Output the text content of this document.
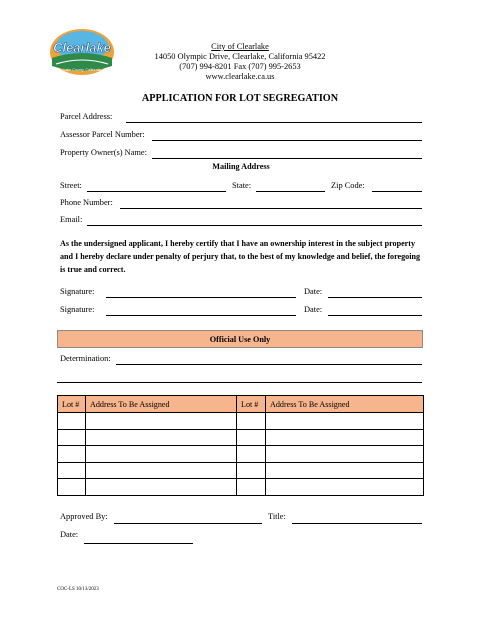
Clearlake
Lake County, California
City of Clearlake
14050 Olympic Drive, Clearlake, California 95422
(707) 994-8201 Fax (707) 995-2653
www.clearlake.ca.us
APPLICATION FOR LOT SEGREGATION
Parcel Address:
Assessor Parcel Number:
Property Owner(s) Name:
Mailing Address
Street:	State:	Zip Code:
Phone Number:
Email:
As the undersigned applicant, I hereby certify that I have an ownership interest in the subject property and I hereby declare under penalty of perjury that, to the best of my knowledge and belief, the foregoing is true and correct.
Signature:	Date:
Signature:	Date:
Official Use Only
Determination:
Lot #	Address To Be Assigned	Lot #	Address To Be Assigned

Approved By:	Title:
Date:
COC-LS 10/13/2023
